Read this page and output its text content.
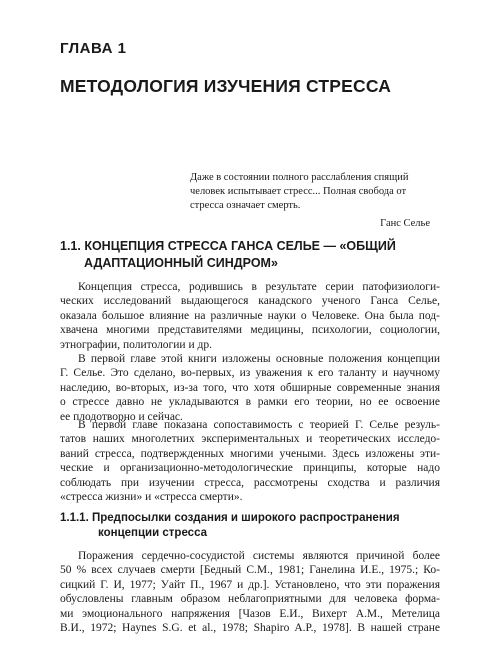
ГЛАВА 1
МЕТОДОЛОГИЯ ИЗУЧЕНИЯ СТРЕССА
Даже в состоянии полного расслабления спящий
человек испытывает стресс... Полная свобода от
стресса означает смерть.
Ганс Селье
1.1. КОНЦЕПЦИЯ СТРЕССА ГАНСА СЕЛЬЕ — «ОБЩИЙ
АДАПТАЦИОННЫЙ СИНДРОМ»
Концепция стресса, родившись в результате серии патофизиологи-
ческих исследований выдающегося канадского ученого Ганса Селье,
оказала большое влияние на различные науки о Человеке. Она была под-
хвачена многими представителями медицины, психологии, социологии,
этнографии, политологии и др.
В первой главе этой книги изложены основные положения концепции
Г. Селье. Это сделано, во-первых, из уважения к его таланту и научному
наследию, во-вторых, из-за того, что хотя обширные современные знания
о стрессе давно не укладываются в рамки его теории, но ее освоение
ее плодотворно и сейчас.
В первой главе показана сопоставимость с теорией Г. Селье резуль-
татов наших многолетних экспериментальных и теоретических исследо-
ваний стресса, подтвержденных многими учеными. Здесь изложены эти-
ческие и организационно-методологические принципы, которые надо
соблюдать при изучении стресса, рассмотрены сходства и различия
«стресса жизни» и «стресса смерти».
1.1.1. Предпосылки создания и широкого распространения
концепции стресса
Поражения сердечно-сосудистой системы являются причиной более
50 % всех случаев смерти [Бедный С.М., 1981; Ганелина И.Е., 1975.; Ко-
сицкий Г. И, 1977; Уайт П., 1967 и др.]. Установлено, что эти поражения
обусловлены главным образом неблагоприятными для человека форма-
ми эмоционального напряжения [Чазов Е.И., Вихерт А.М., Метелица
В.И., 1972; Haynes S.G. et al., 1978; Shapiro A.P., 1978]. В нашей стране
